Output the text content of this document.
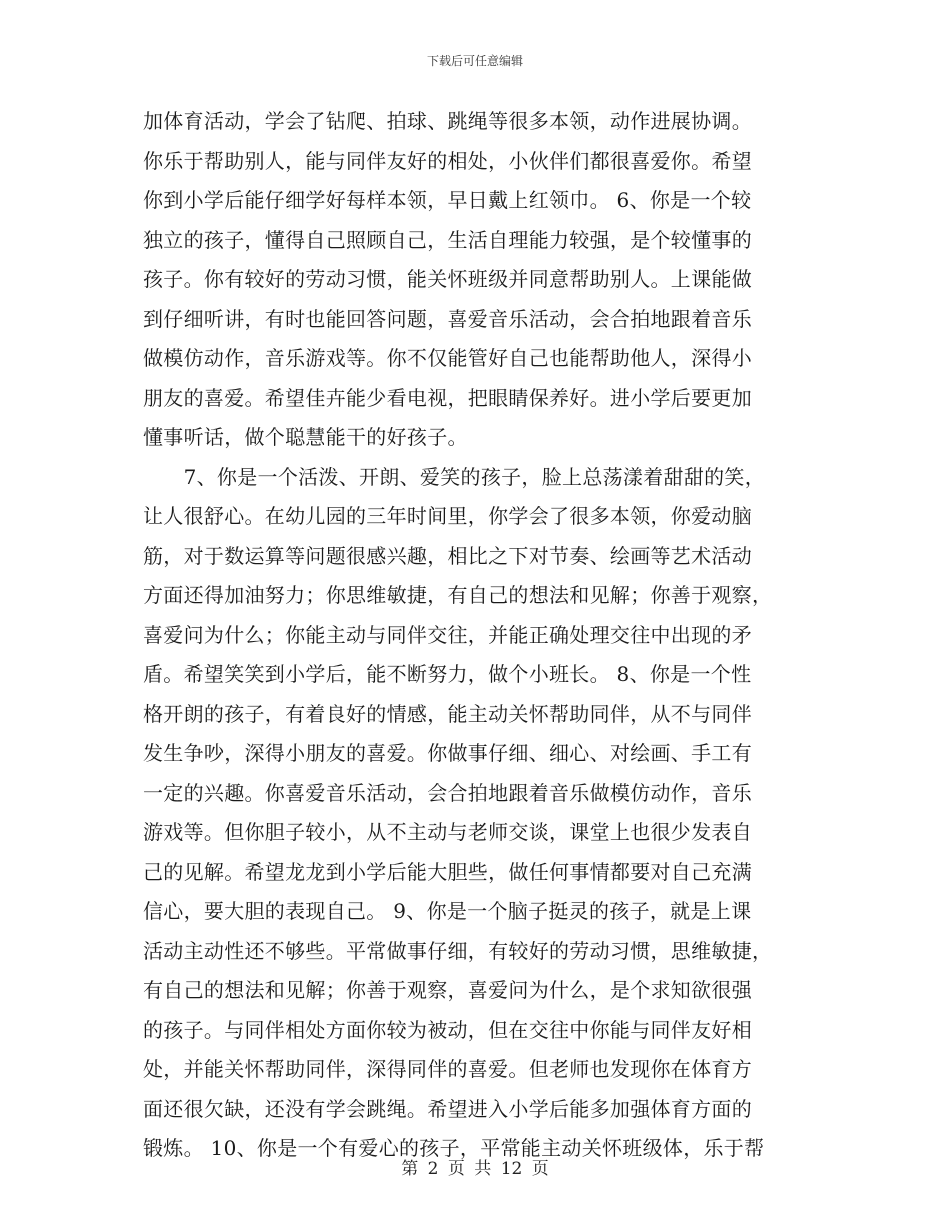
下载后可任意编辑
加体育活动，学会了钻爬、拍球、跳绳等很多本领，动作进展协调。
你乐于帮助别人，能与同伴友好的相处，小伙伴们都很喜爱你。希望
你到小学后能仔细学好每样本领，早日戴上红领巾。 6、你是一个较
独立的孩子，懂得自己照顾自己，生活自理能力较强，是个较懂事的
孩子。你有较好的劳动习惯，能关怀班级并同意帮助别人。上课能做
到仔细听讲，有时也能回答问题，喜爱音乐活动，会合拍地跟着音乐
做模仿动作，音乐游戏等。你不仅能管好自己也能帮助他人，深得小
朋友的喜爱。希望佳卉能少看电视，把眼睛保养好。进小学后要更加
懂事听话，做个聪慧能干的好孩子。
　　7、你是一个活泼、开朗、爱笑的孩子，脸上总荡漾着甜甜的笑，
让人很舒心。在幼儿园的三年时间里，你学会了很多本领，你爱动脑
筋，对于数运算等问题很感兴趣，相比之下对节奏、绘画等艺术活动
方面还得加油努力；你思维敏捷，有自己的想法和见解；你善于观察，
喜爱问为什么；你能主动与同伴交往，并能正确处理交往中出现的矛
盾。希望笑笑到小学后，能不断努力，做个小班长。 8、你是一个性
格开朗的孩子，有着良好的情感，能主动关怀帮助同伴，从不与同伴
发生争吵，深得小朋友的喜爱。你做事仔细、细心、对绘画、手工有
一定的兴趣。你喜爱音乐活动，会合拍地跟着音乐做模仿动作，音乐
游戏等。但你胆子较小，从不主动与老师交谈，课堂上也很少发表自
己的见解。希望龙龙到小学后能大胆些，做任何事情都要对自己充满
信心，要大胆的表现自己。 9、你是一个脑子挺灵的孩子，就是上课
活动主动性还不够些。平常做事仔细，有较好的劳动习惯，思维敏捷，
有自己的想法和见解；你善于观察，喜爱问为什么，是个求知欲很强
的孩子。与同伴相处方面你较为被动，但在交往中你能与同伴友好相
处，并能关怀帮助同伴，深得同伴的喜爱。但老师也发现你在体育方
面还很欠缺，还没有学会跳绳。希望进入小学后能多加强体育方面的
锻炼。 10、你是一个有爱心的孩子，平常能主动关怀班级体，乐于帮
第 2 页 共 12 页
